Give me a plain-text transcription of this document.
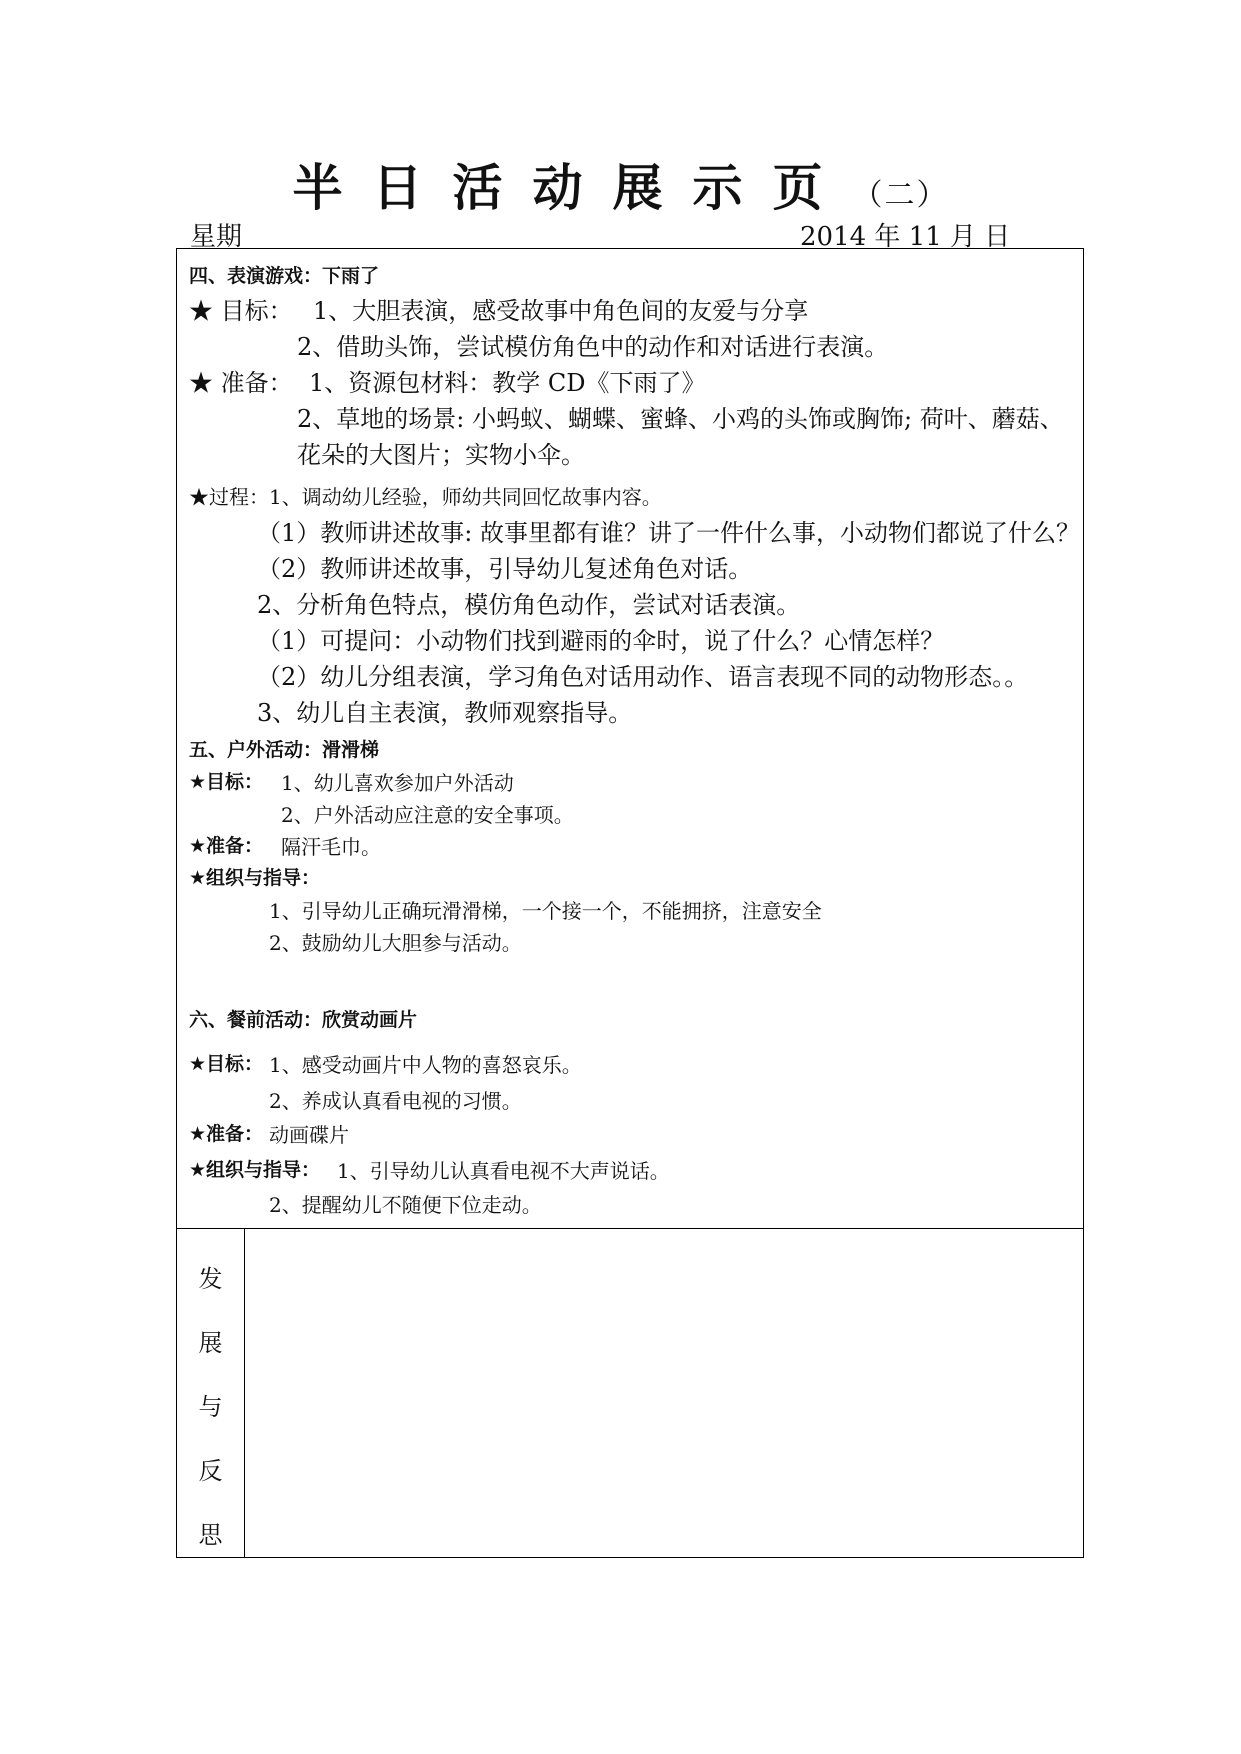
半日活动展示页（二）
星期	2014 年 11 月 日
四、表演游戏：下雨了
★ 目标： 1、大胆表演，感受故事中角色间的友爱与分享
2、借助头饰，尝试模仿角色中的动作和对话进行表演。
★ 准备： 1、资源包材料：教学 CD《下雨了》
2、草地的场景: 小蚂蚁、蝴蝶、蜜蜂、小鸡的头饰或胸饰; 荷叶、蘑菇、
花朵的大图片；实物小伞。
★过程： 1、调动幼儿经验，师幼共同回忆故事内容。
（1）教师讲述故事: 故事里都有谁？讲了一件什么事，小动物们都说了什么？
（2）教师讲述故事，引导幼儿复述角色对话。
2、分析角色特点，模仿角色动作，尝试对话表演。
（1）可提问：小动物们找到避雨的伞时，说了什么？心情怎样？
（2）幼儿分组表演，学习角色对话用动作、语言表现不同的动物形态。。
3、幼儿自主表演，教师观察指导。
五、户外活动：滑滑梯
★目标： 1、幼儿喜欢参加户外活动
2、户外活动应注意的安全事项。
★准备： 隔汗毛巾。
★组织与指导：
1、引导幼儿正确玩滑滑梯，一个接一个，不能拥挤，注意安全
2、鼓励幼儿大胆参与活动。
六、餐前活动：欣赏动画片
★目标： 1、感受动画片中人物的喜怒哀乐。
2、养成认真看电视的习惯。
★准备： 动画碟片
★组织与指导： 1、引导幼儿认真看电视不大声说话。
2、提醒幼儿不随便下位走动。
发
展
与
反
思
